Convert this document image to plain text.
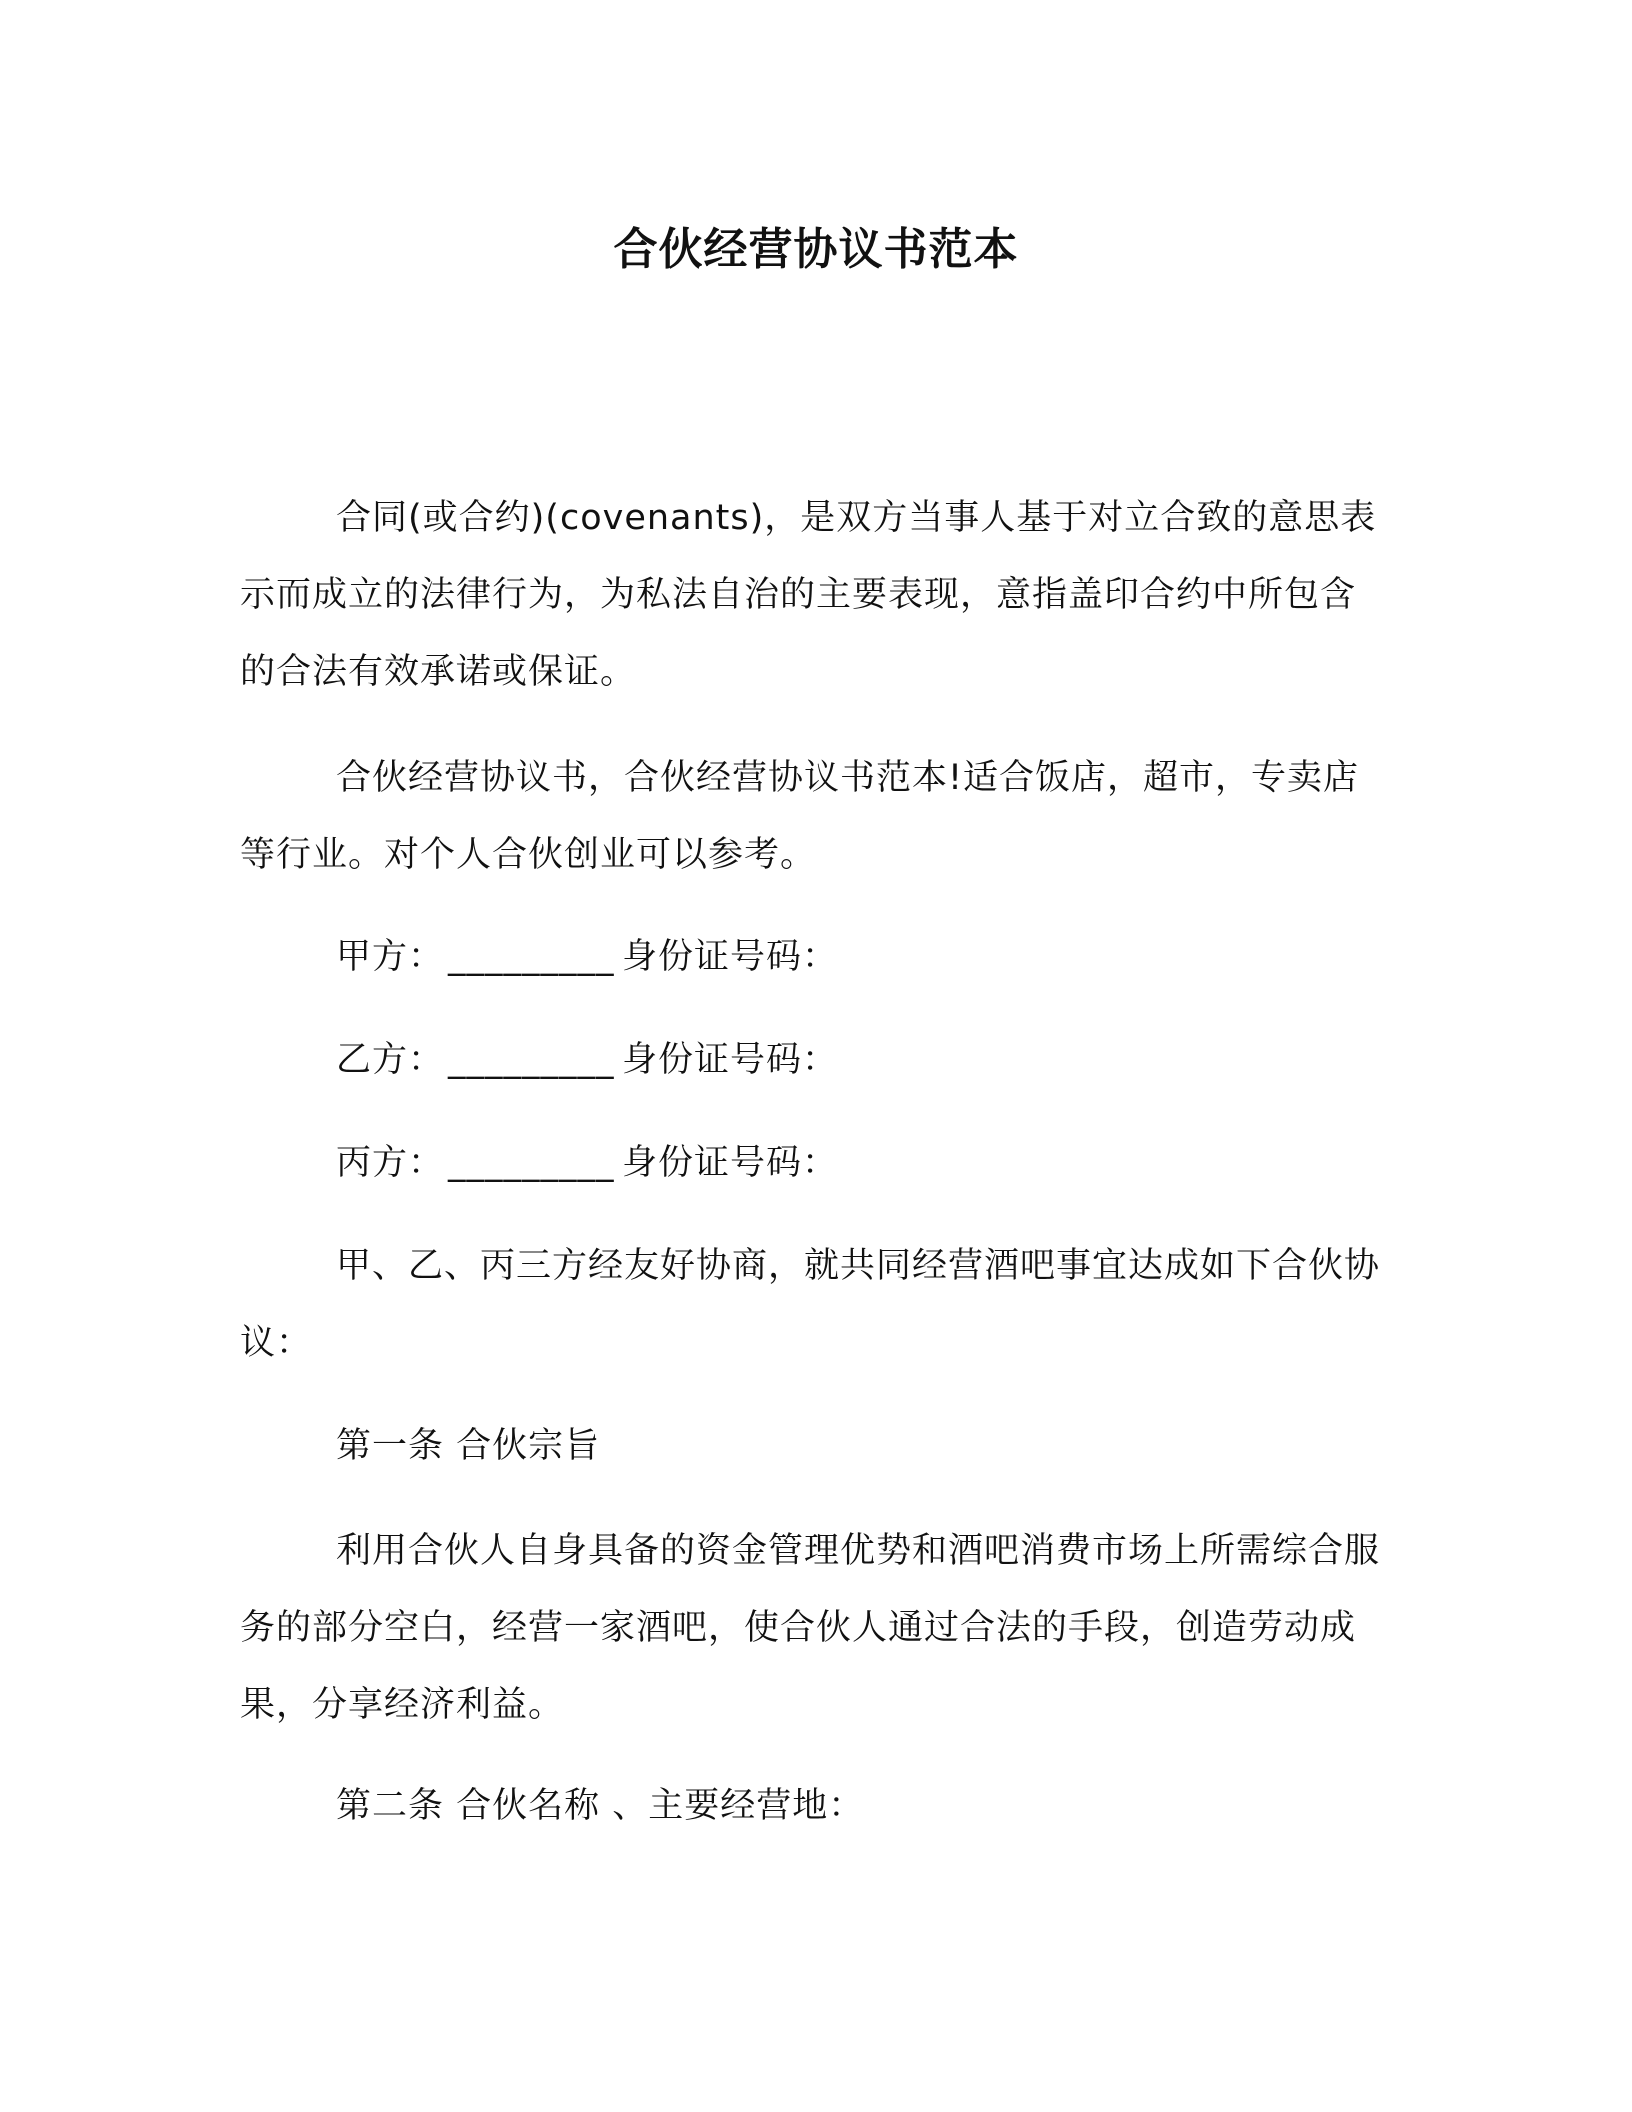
合伙经营协议书范本
合同(或合约)(covenants)，是双方当事人基于对立合致的意思表示而成立的法律行为，为私法自治的主要表现，意指盖印合约中所包含的合法有效承诺或保证。
合伙经营协议书，合伙经营协议书范本!适合饭店，超市，专卖店等行业。对个人合伙创业可以参考。
甲方： _________ 身份证号码：
乙方： _________ 身份证号码：
丙方： _________ 身份证号码：
甲、乙、丙三方经友好协商，就共同经营酒吧事宜达成如下合伙协议：
第一条 合伙宗旨
利用合伙人自身具备的资金管理优势和酒吧消费市场上所需综合服务的部分空白，经营一家酒吧，使合伙人通过合法的手段，创造劳动成果，分享经济利益。
第二条 合伙名称 、主要经营地：
